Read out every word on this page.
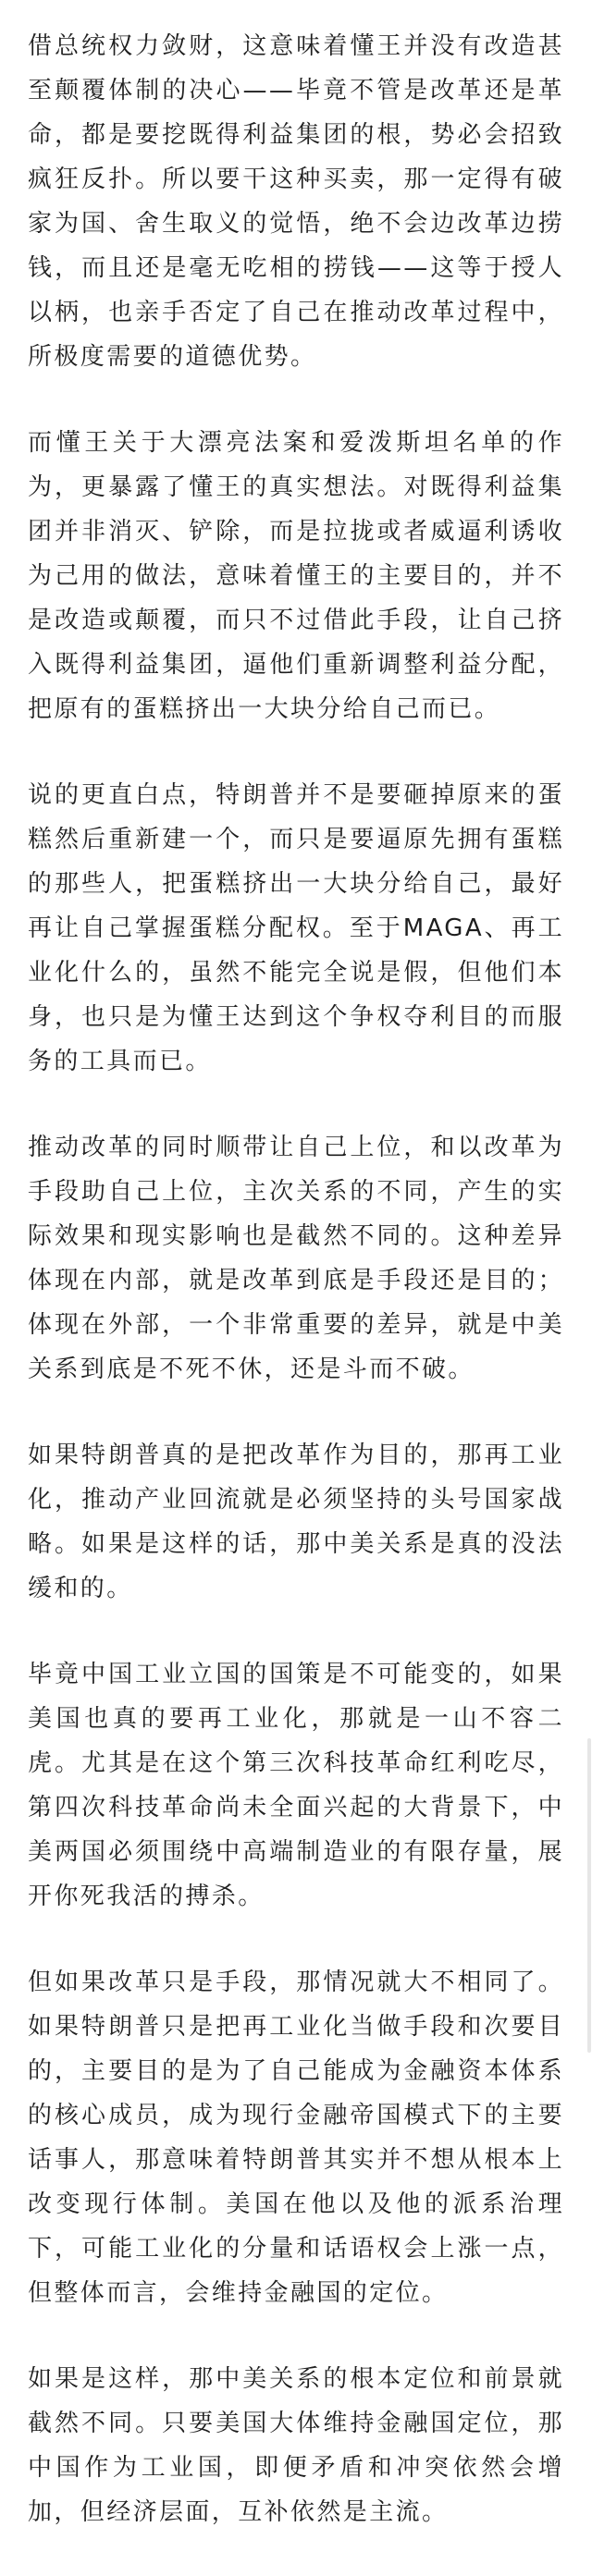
借总统权力敛财，这意味着懂王并没有改造甚至颠覆体制的决心——毕竟不管是改革还是革命，都是要挖既得利益集团的根，势必会招致疯狂反扑。所以要干这种买卖，那一定得有破家为国、舍生取义的觉悟，绝不会边改革边捞钱，而且还是毫无吃相的捞钱——这等于授人以柄，也亲手否定了自己在推动改革过程中，所极度需要的道德优势。

而懂王关于大漂亮法案和爱泼斯坦名单的作为，更暴露了懂王的真实想法。对既得利益集团并非消灭、铲除，而是拉拢或者威逼利诱收为己用的做法，意味着懂王的主要目的，并不是改造或颠覆，而只不过借此手段，让自己挤入既得利益集团，逼他们重新调整利益分配，把原有的蛋糕挤出一大块分给自己而已。

说的更直白点，特朗普并不是要砸掉原来的蛋糕然后重新建一个，而只是要逼原先拥有蛋糕的那些人，把蛋糕挤出一大块分给自己，最好再让自己掌握蛋糕分配权。至于MAGA、再工业化什么的，虽然不能完全说是假，但他们本身，也只是为懂王达到这个争权夺利目的而服务的工具而已。

推动改革的同时顺带让自己上位，和以改革为手段助自己上位，主次关系的不同，产生的实际效果和现实影响也是截然不同的。这种差异体现在内部，就是改革到底是手段还是目的；体现在外部，一个非常重要的差异，就是中美关系到底是不死不休，还是斗而不破。

如果特朗普真的是把改革作为目的，那再工业化，推动产业回流就是必须坚持的头号国家战略。如果是这样的话，那中美关系是真的没法缓和的。

毕竟中国工业立国的国策是不可能变的，如果美国也真的要再工业化，那就是一山不容二虎。尤其是在这个第三次科技革命红利吃尽，第四次科技革命尚未全面兴起的大背景下，中美两国必须围绕中高端制造业的有限存量，展开你死我活的搏杀。

但如果改革只是手段，那情况就大不相同了。如果特朗普只是把再工业化当做手段和次要目的，主要目的是为了自己能成为金融资本体系的核心成员，成为现行金融帝国模式下的主要话事人，那意味着特朗普其实并不想从根本上改变现行体制。美国在他以及他的派系治理下，可能工业化的分量和话语权会上涨一点，但整体而言，会维持金融国的定位。

如果是这样，那中美关系的根本定位和前景就截然不同。只要美国大体维持金融国定位，那中国作为工业国，即便矛盾和冲突依然会增加，但经济层面，互补依然是主流。
